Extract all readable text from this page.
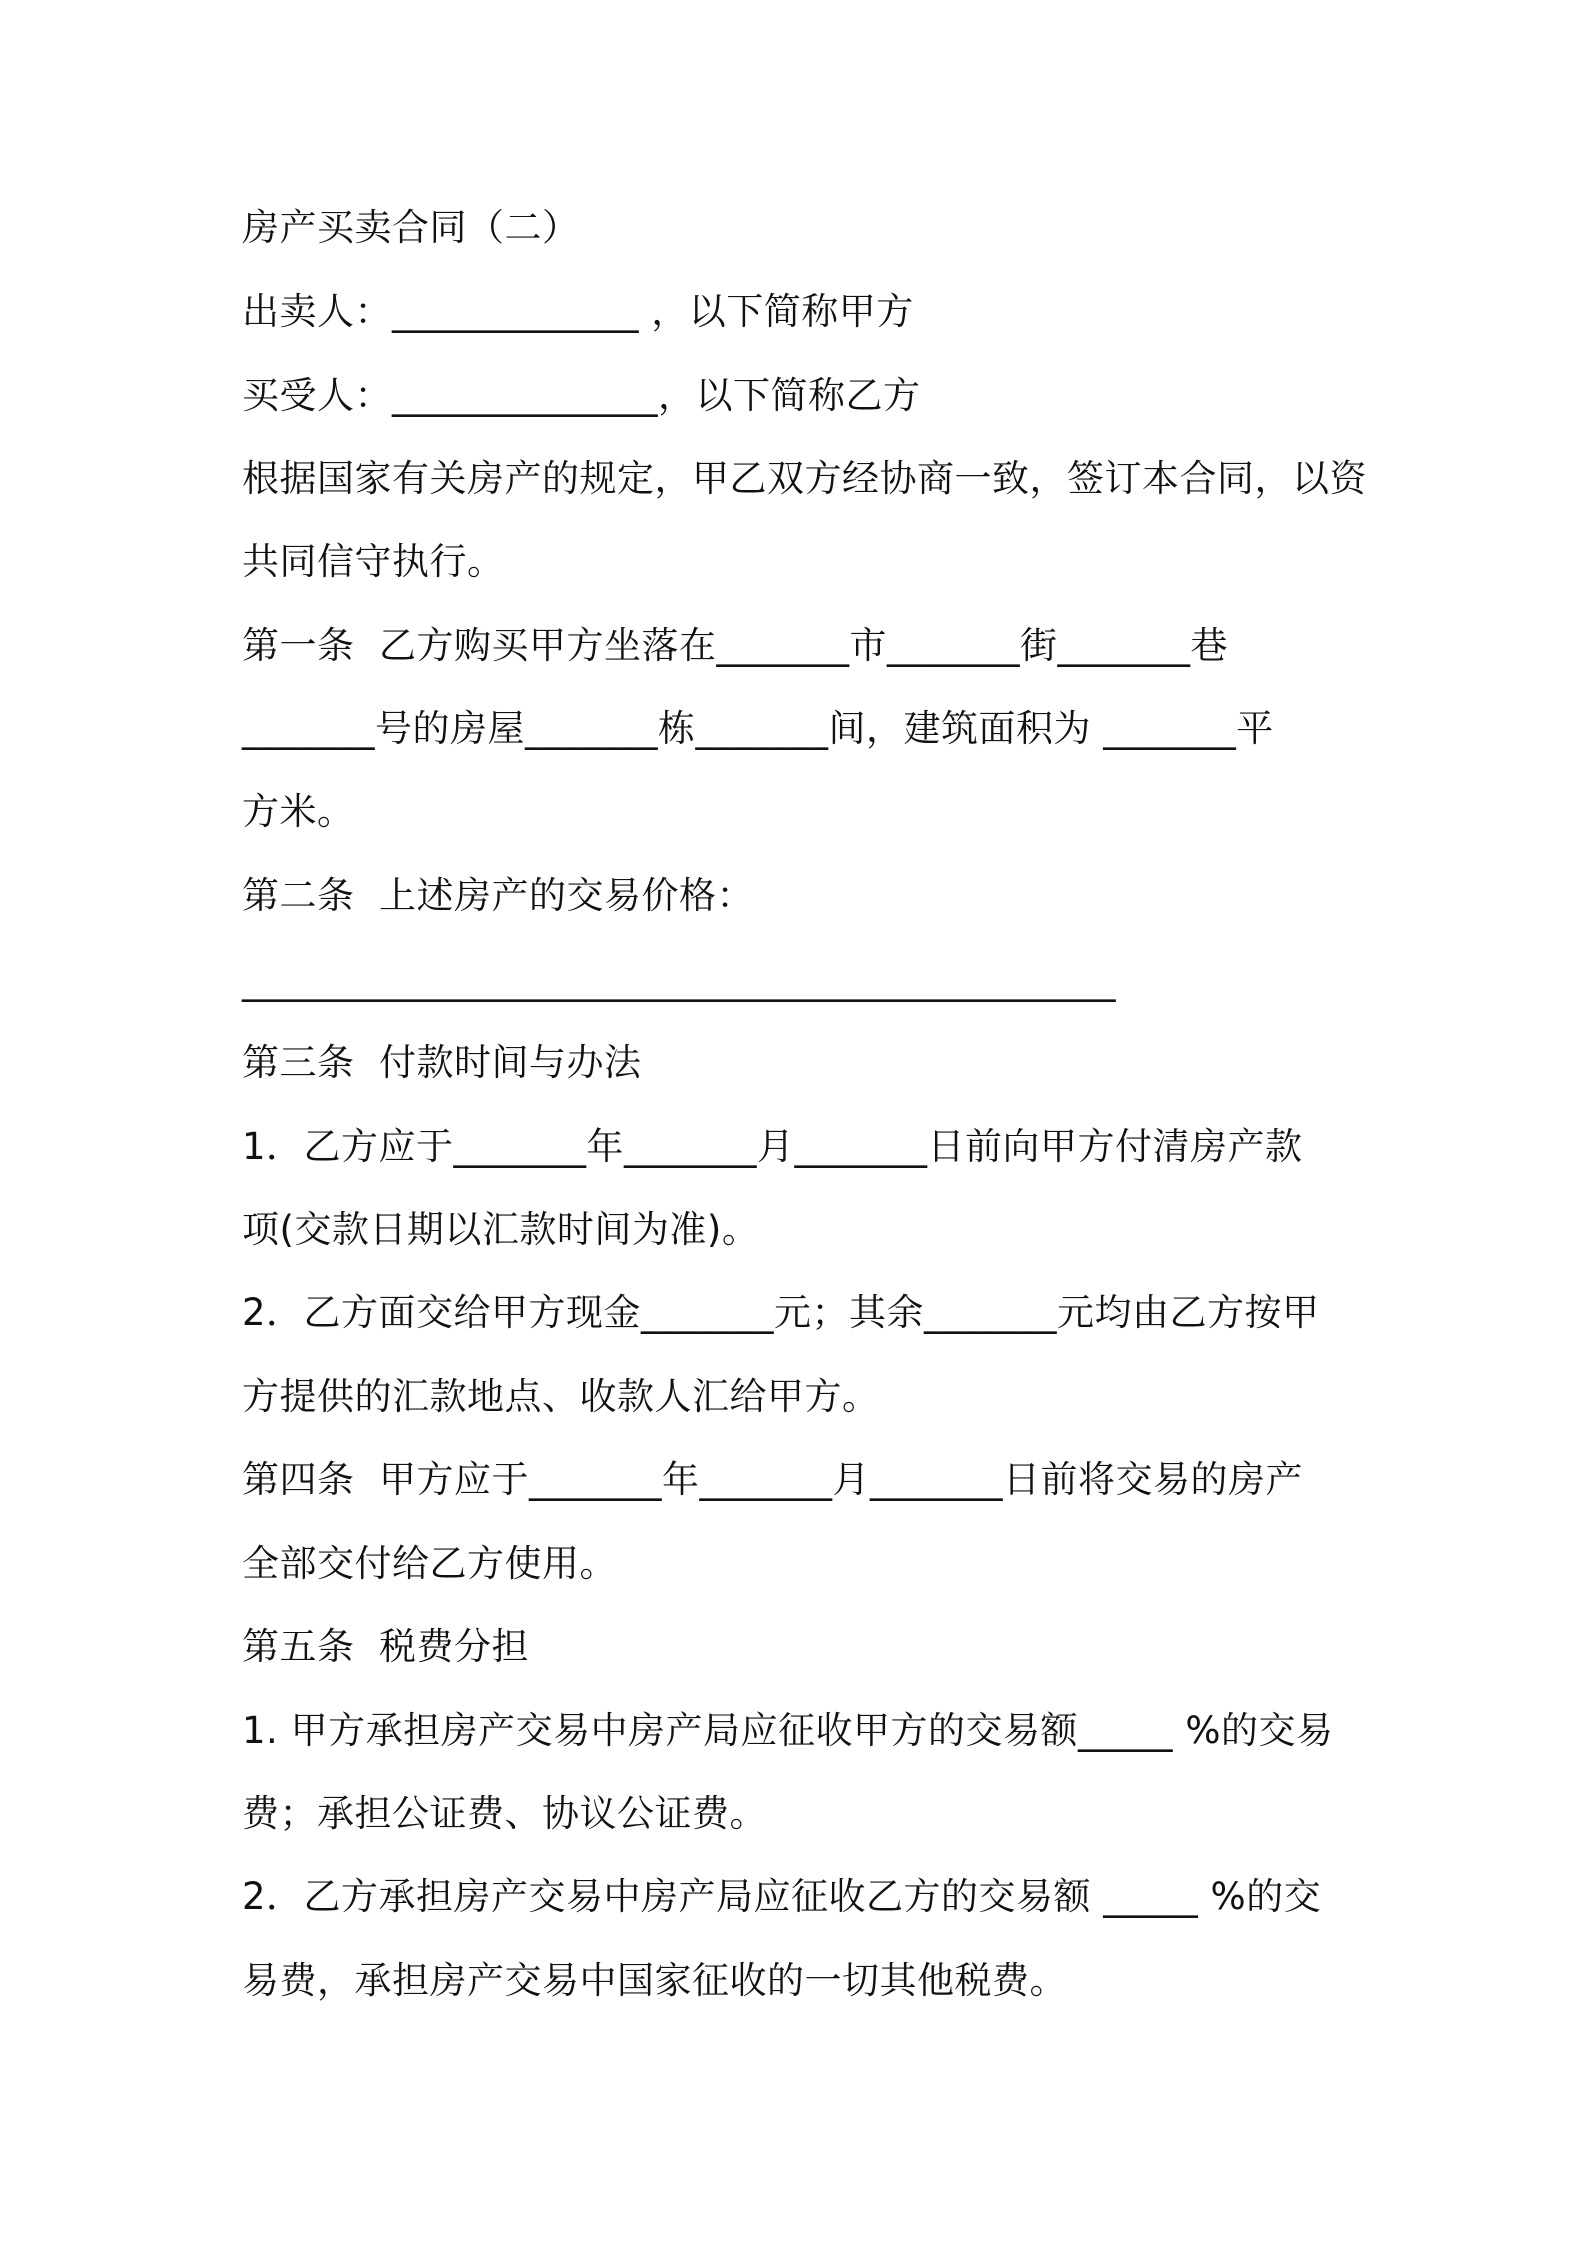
房产买卖合同（二）
出卖人：_____________ ，以下简称甲方
买受人：______________，以下简称乙方
根据国家有关房产的规定，甲乙双方经协商一致，签订本合同，以资
共同信守执行。
第一条  乙方购买甲方坐落在_______市_______街_______巷
_______号的房屋_______栋_______间，建筑面积为 _______平
方米。
第二条  上述房产的交易价格：
______________________________________________
第三条  付款时间与办法
1．乙方应于_______年_______月_______日前向甲方付清房产款
项(交款日期以汇款时间为准)。
2．乙方面交给甲方现金_______元；其余_______元均由乙方按甲
方提供的汇款地点、收款人汇给甲方。
第四条  甲方应于_______年_______月_______日前将交易的房产
全部交付给乙方使用。
第五条  税费分担
1. 甲方承担房产交易中房产局应征收甲方的交易额_____ %的交易
费；承担公证费、协议公证费。
2．乙方承担房产交易中房产局应征收乙方的交易额 _____ %的交
易费，承担房产交易中国家征收的一切其他税费。
